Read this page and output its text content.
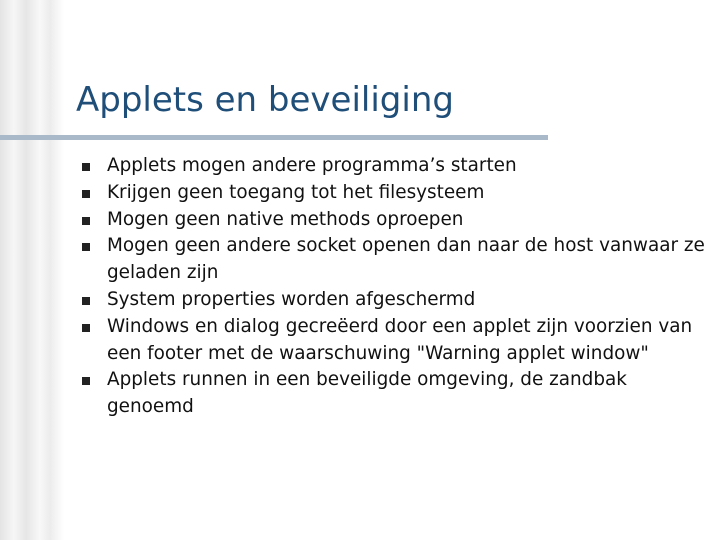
Applets en beveiliging
Applets mogen andere programma’s starten
Krijgen geen toegang tot het filesysteem
Mogen geen native methods oproepen
Mogen geen andere socket openen dan naar de host vanwaar ze geladen zijn
System properties worden afgeschermd
Windows en dialog gecreëerd door een applet zijn voorzien van een footer met de waarschuwing "Warning applet window"
Applets runnen in een beveiligde omgeving, de zandbak genoemd
